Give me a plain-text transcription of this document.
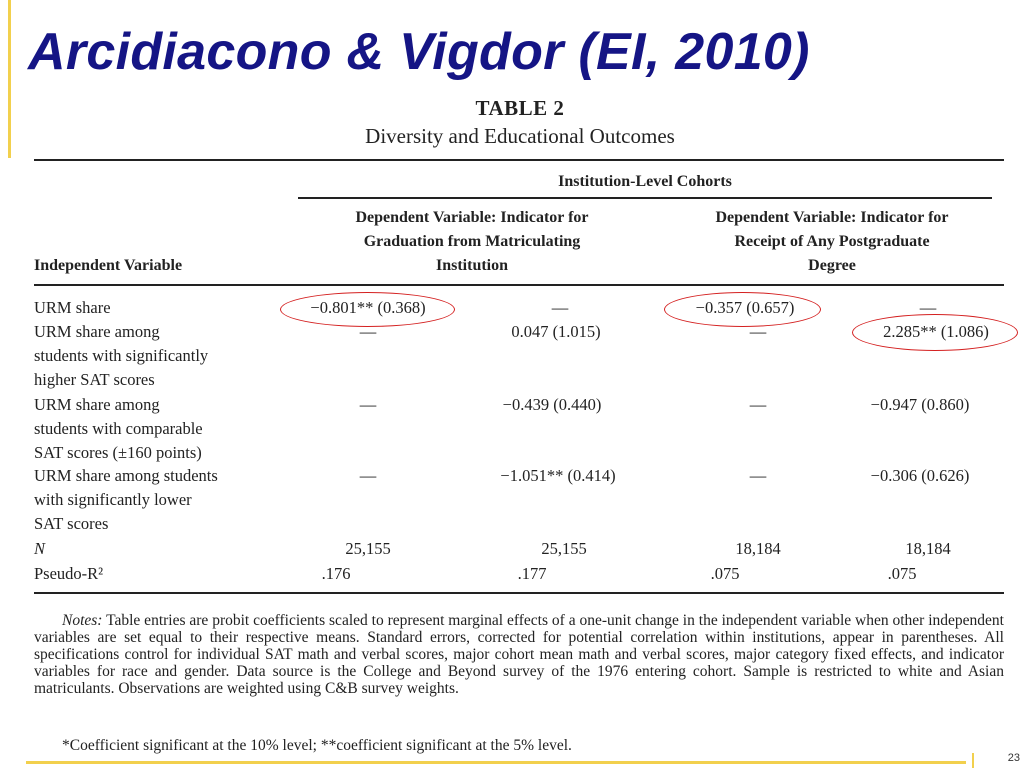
Arcidiacono & Vigdor (EI, 2010)
TABLE 2
Diversity and Educational Outcomes
Institution-Level Cohorts
Dependent Variable: Indicator for
Graduation from Matriculating
Institution
Dependent Variable: Indicator for
Receipt of Any Postgraduate
Degree
Independent Variable
URM share	−0.801** (0.368)	—	−0.357 (0.657)	—
URM share among
students with significantly
higher SAT scores
—	0.047 (1.015)	—	2.285** (1.086)
URM share among
students with comparable
SAT scores (±160 points)
—	−0.439 (0.440)	—	−0.947 (0.860)
URM share among students
with significantly lower
SAT scores
—	−1.051** (0.414)	—	−0.306 (0.626)
N	25,155	25,155	18,184	18,184
Pseudo-R²	.176	.177	.075	.075
Notes: Table entries are probit coefficients scaled to represent marginal effects of a one-unit change in the independent variable when other independent variables are set equal to their respective means. Standard errors, corrected for potential correlation within institutions, appear in parentheses. All specifications control for individual SAT math and verbal scores, major cohort mean math and verbal scores, major category fixed effects, and indicator variables for race and gender. Data source is the College and Beyond survey of the 1976 entering cohort. Sample is restricted to white and Asian matriculants. Observations are weighted using C&B survey weights.
*Coefficient significant at the 10% level; **coefficient significant at the 5% level.
23
